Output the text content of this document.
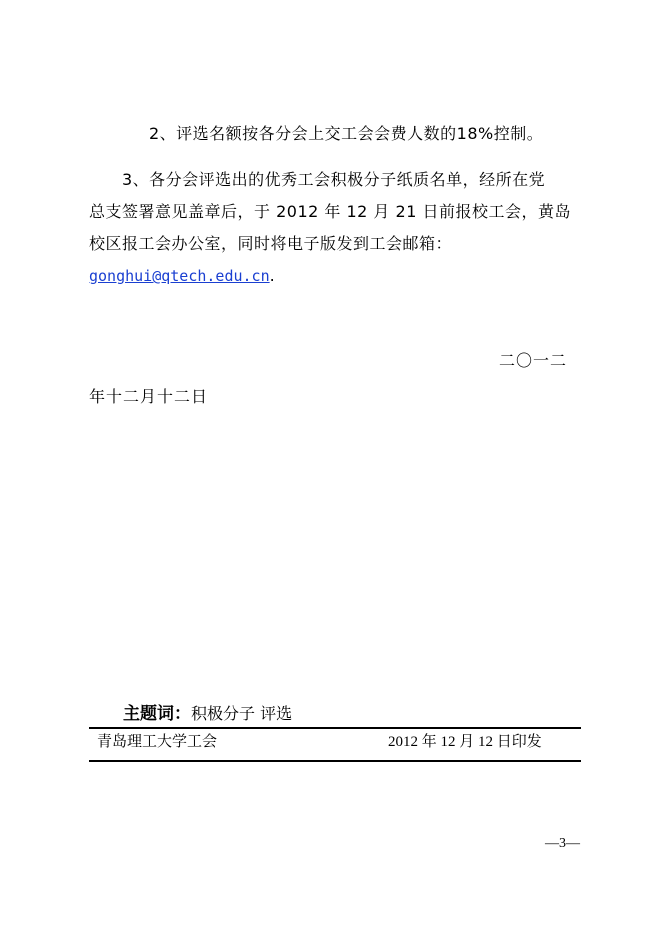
2、评选名额按各分会上交工会会费人数的18%控制。
3、各分会评选出的优秀工会积极分子纸质名单，经所在党
总支签署意见盖章后，于 2012 年 12 月 21 日前报校工会，黄岛
校区报工会办公室，同时将电子版发到工会邮箱：
gonghui@qtech.edu.cn.
二〇一二
年十二月十二日
主题词：积极分子 评选
青岛理工大学工会	2012 年 12 月 12 日印发
—3—
